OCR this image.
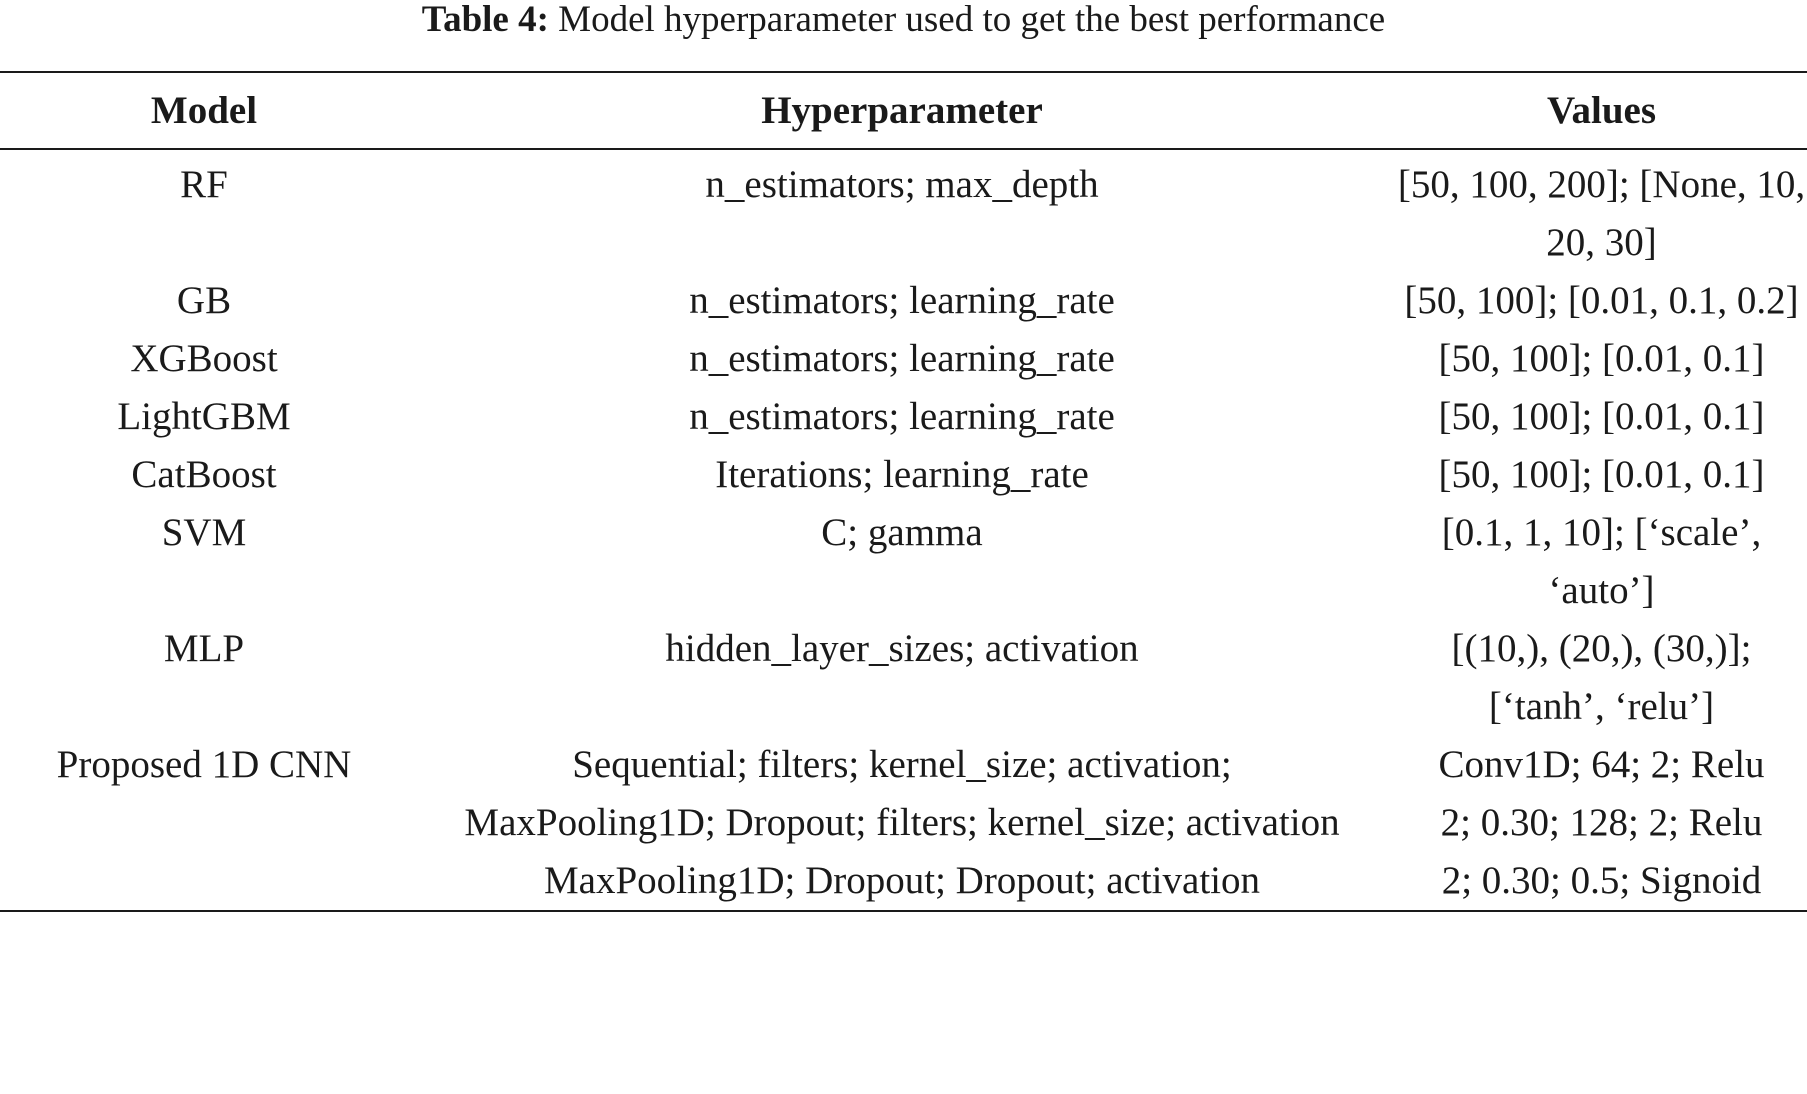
Table 4: Model hyperparameter used to get the best performance
Model	Hyperparameter	Values
RF	n_estimators; max_depth	[50, 100, 200]; [None, 10, 20, 30]
GB	n_estimators; learning_rate	[50, 100]; [0.01, 0.1, 0.2]
XGBoost	n_estimators; learning_rate	[50, 100]; [0.01, 0.1]
LightGBM	n_estimators; learning_rate	[50, 100]; [0.01, 0.1]
CatBoost	Iterations; learning_rate	[50, 100]; [0.01, 0.1]
SVM	C; gamma	[0.1, 1, 10]; [‘scale’, ‘auto’]
MLP	hidden_layer_sizes; activation	[(10,), (20,), (30,)]; [‘tanh’, ‘relu’]
Proposed 1D CNN	Sequential; filters; kernel_size; activation;	Conv1D; 64; 2; Relu
	MaxPooling1D; Dropout; filters; kernel_size; activation	2; 0.30; 128; 2; Relu
	MaxPooling1D; Dropout; Dropout; activation	2; 0.30; 0.5; Signoid
